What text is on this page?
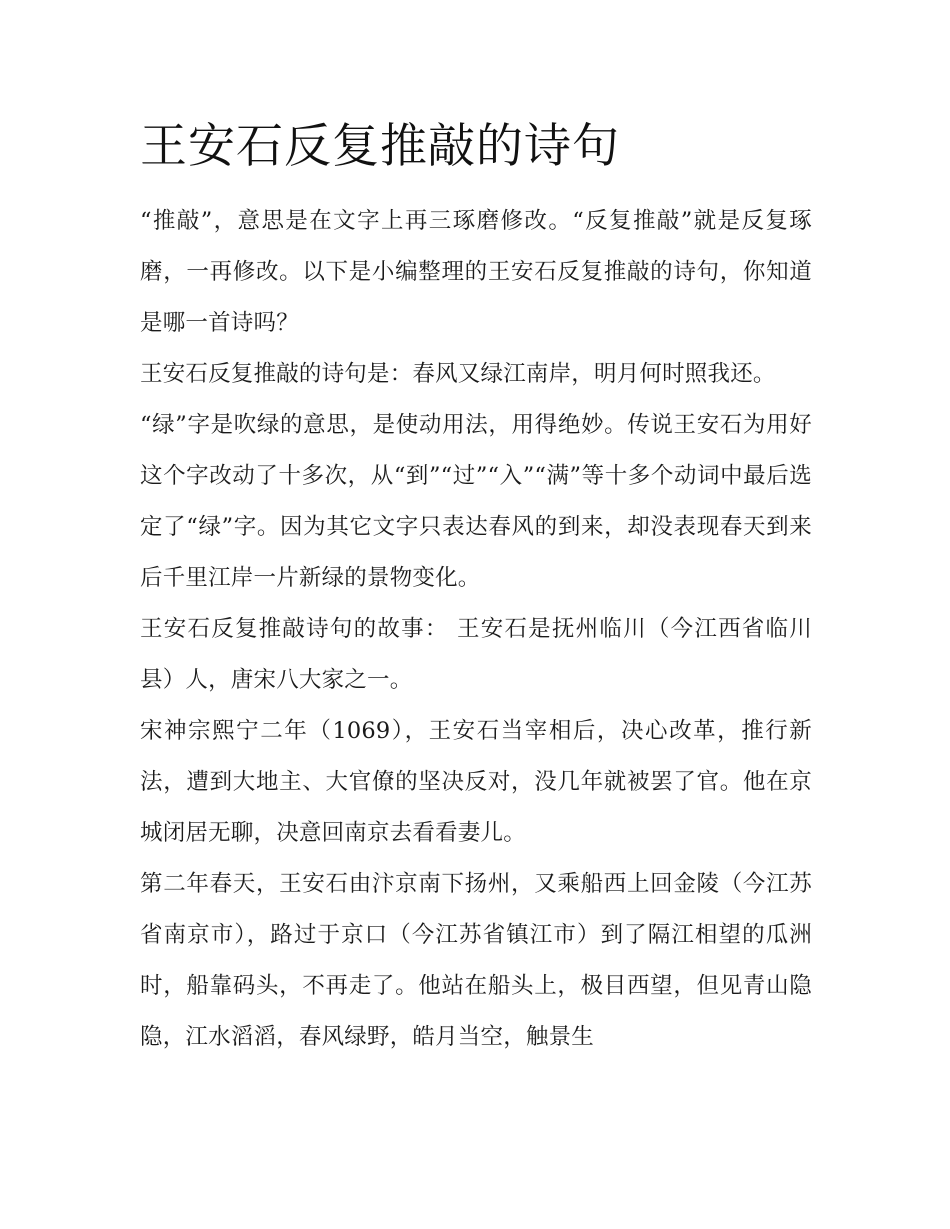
王安石反复推敲的诗句

“推敲”，意思是在文字上再三琢磨修改。“反复推敲”就是反复琢磨，一再修改。以下是小编整理的王安石反复推敲的诗句，你知道是哪一首诗吗？

王安石反复推敲的诗句是：春风又绿江南岸，明月何时照我还。

“绿”字是吹绿的意思，是使动用法，用得绝妙。传说王安石为用好这个字改动了十多次，从“到”“过”“入”“满”等十多个动词中最后选定了“绿”字。因为其它文字只表达春风的到来，却没表现春天到来后千里江岸一片新绿的景物变化。

王安石反复推敲诗句的故事： 王安石是抚州临川（今江西省临川县）人，唐宋八大家之一。

宋神宗熙宁二年（1069），王安石当宰相后，决心改革，推行新法，遭到大地主、大官僚的坚决反对，没几年就被罢了官。他在京城闭居无聊，决意回南京去看看妻儿。

第二年春天，王安石由汴京南下扬州，又乘船西上回金陵（今江苏省南京市），路过于京口（今江苏省镇江市）到了隔江相望的瓜洲时，船靠码头，不再走了。他站在船头上，极目西望，但见青山隐隐，江水滔滔，春风绿野，皓月当空，触景生
